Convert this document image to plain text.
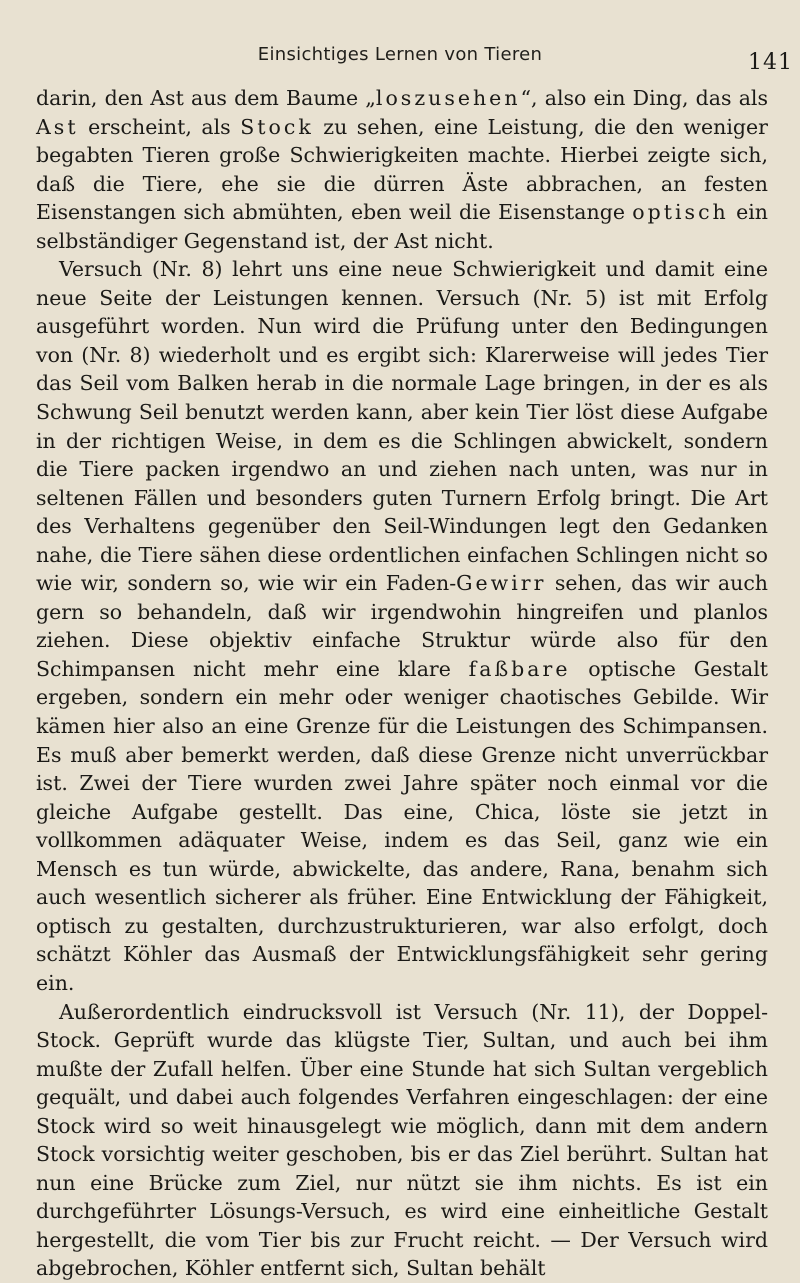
Einsichtiges Lernen von Tieren	141

darin, den Ast aus dem Baume „loszusehen“, also ein Ding, das als Ast erscheint, als Stock zu sehen, eine Leistung, die den weniger begabten Tieren große Schwierigkeiten machte. Hierbei zeigte sich, daß die Tiere, ehe sie die dürren Äste abbrachen, an festen Eisenstangen sich abmühten, eben weil die Eisenstange optisch ein selbständiger Gegenstand ist, der Ast nicht.

Versuch (Nr. 8) lehrt uns eine neue Schwierigkeit und damit eine neue Seite der Leistungen kennen. Versuch (Nr. 5) ist mit Erfolg ausgeführt worden. Nun wird die Prüfung unter den Bedingungen von (Nr. 8) wiederholt und es ergibt sich: Klarerweise will jedes Tier das Seil vom Balken herab in die normale Lage bringen, in der es als Schwung Seil benutzt werden kann, aber kein Tier löst diese Aufgabe in der richtigen Weise, in dem es die Schlingen abwickelt, sondern die Tiere packen irgendwo an und ziehen nach unten, was nur in seltenen Fällen und besonders guten Turnern Erfolg bringt. Die Art des Verhaltens gegenüber den Seil-Windungen legt den Gedanken nahe, die Tiere sähen diese ordentlichen einfachen Schlingen nicht so wie wir, sondern so, wie wir ein Faden-Gewirr sehen, das wir auch gern so behandeln, daß wir irgendwohin hingreifen und planlos ziehen. Diese objektiv einfache Struktur würde also für den Schimpansen nicht mehr eine klare faßbare optische Gestalt ergeben, sondern ein mehr oder weniger chaotisches Gebilde. Wir kämen hier also an eine Grenze für die Leistungen des Schimpansen. Es muß aber bemerkt werden, daß diese Grenze nicht unverrückbar ist. Zwei der Tiere wurden zwei Jahre später noch einmal vor die gleiche Aufgabe gestellt. Das eine, Chica, löste sie jetzt in vollkommen adäquater Weise, indem es das Seil, ganz wie ein Mensch es tun würde, abwickelte, das andere, Rana, benahm sich auch wesentlich sicherer als früher. Eine Entwicklung der Fähigkeit, optisch zu gestalten, durchzustrukturieren, war also erfolgt, doch schätzt Köhler das Ausmaß der Entwicklungsfähigkeit sehr gering ein.

Außerordentlich eindrucksvoll ist Versuch (Nr. 11), der Doppel-Stock. Geprüft wurde das klügste Tier, Sultan, und auch bei ihm mußte der Zufall helfen. Über eine Stunde hat sich Sultan vergeblich gequält, und dabei auch folgendes Verfahren eingeschlagen: der eine Stock wird so weit hinausgelegt wie möglich, dann mit dem andern Stock vorsichtig weiter geschoben, bis er das Ziel berührt. Sultan hat nun eine Brücke zum Ziel, nur nützt sie ihm nichts. Es ist ein durchgeführter Lösungs-Versuch, es wird eine einheitliche Gestalt hergestellt, die vom Tier bis zur Frucht reicht. — Der Versuch wird abgebrochen, Köhler entfernt sich, Sultan behält
